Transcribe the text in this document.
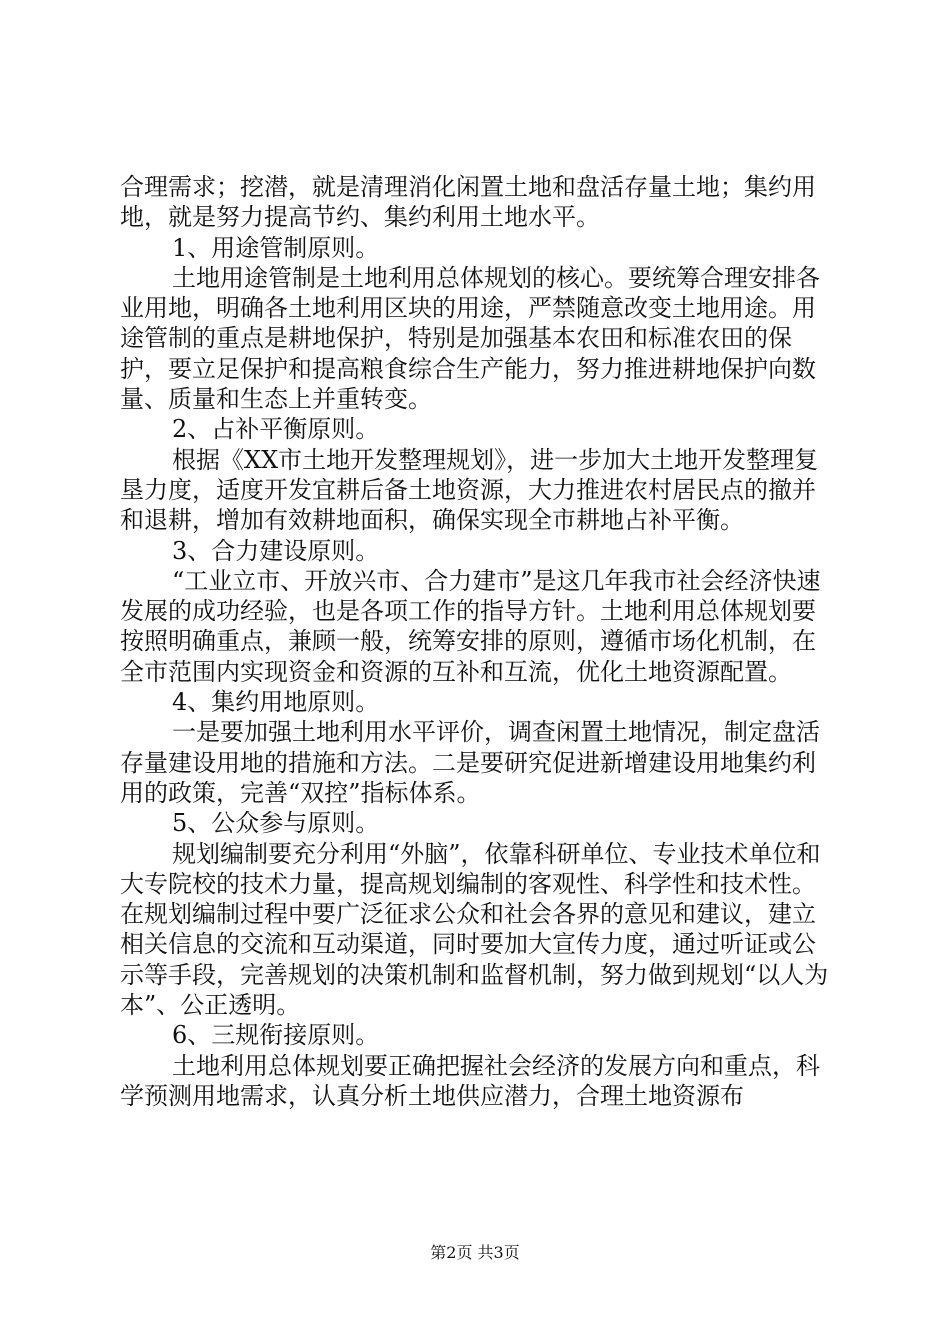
合理需求；挖潜，就是清理消化闲置土地和盘活存量土地；集约用地，就是努力提高节约、集约利用土地水平。

1、用途管制原则。

土地用途管制是土地利用总体规划的核心。要统筹合理安排各业用地，明确各土地利用区块的用途，严禁随意改变土地用途。用途管制的重点是耕地保护，特别是加强基本农田和标准农田的保护，要立足保护和提高粮食综合生产能力，努力推进耕地保护向数量、质量和生态上并重转变。

2、占补平衡原则。

根据《XX市土地开发整理规划》，进一步加大土地开发整理复垦力度，适度开发宜耕后备土地资源，大力推进农村居民点的撤并和退耕，增加有效耕地面积，确保实现全市耕地占补平衡。

3、合力建设原则。

“工业立市、开放兴市、合力建市”是这几年我市社会经济快速发展的成功经验，也是各项工作的指导方针。土地利用总体规划要按照明确重点，兼顾一般，统筹安排的原则，遵循市场化机制，在全市范围内实现资金和资源的互补和互流，优化土地资源配置。

4、集约用地原则。

一是要加强土地利用水平评价，调查闲置土地情况，制定盘活存量建设用地的措施和方法。二是要研究促进新增建设用地集约利用的政策，完善“双控”指标体系。

5、公众参与原则。

规划编制要充分利用“外脑”，依靠科研单位、专业技术单位和大专院校的技术力量，提高规划编制的客观性、科学性和技术性。在规划编制过程中要广泛征求公众和社会各界的意见和建议，建立相关信息的交流和互动渠道，同时要加大宣传力度，通过听证或公示等手段，完善规划的决策机制和监督机制，努力做到规划“以人为本”、公正透明。

6、三规衔接原则。

土地利用总体规划要正确把握社会经济的发展方向和重点，科学预测用地需求，认真分析土地供应潜力，合理土地资源布

第2页 共3页
